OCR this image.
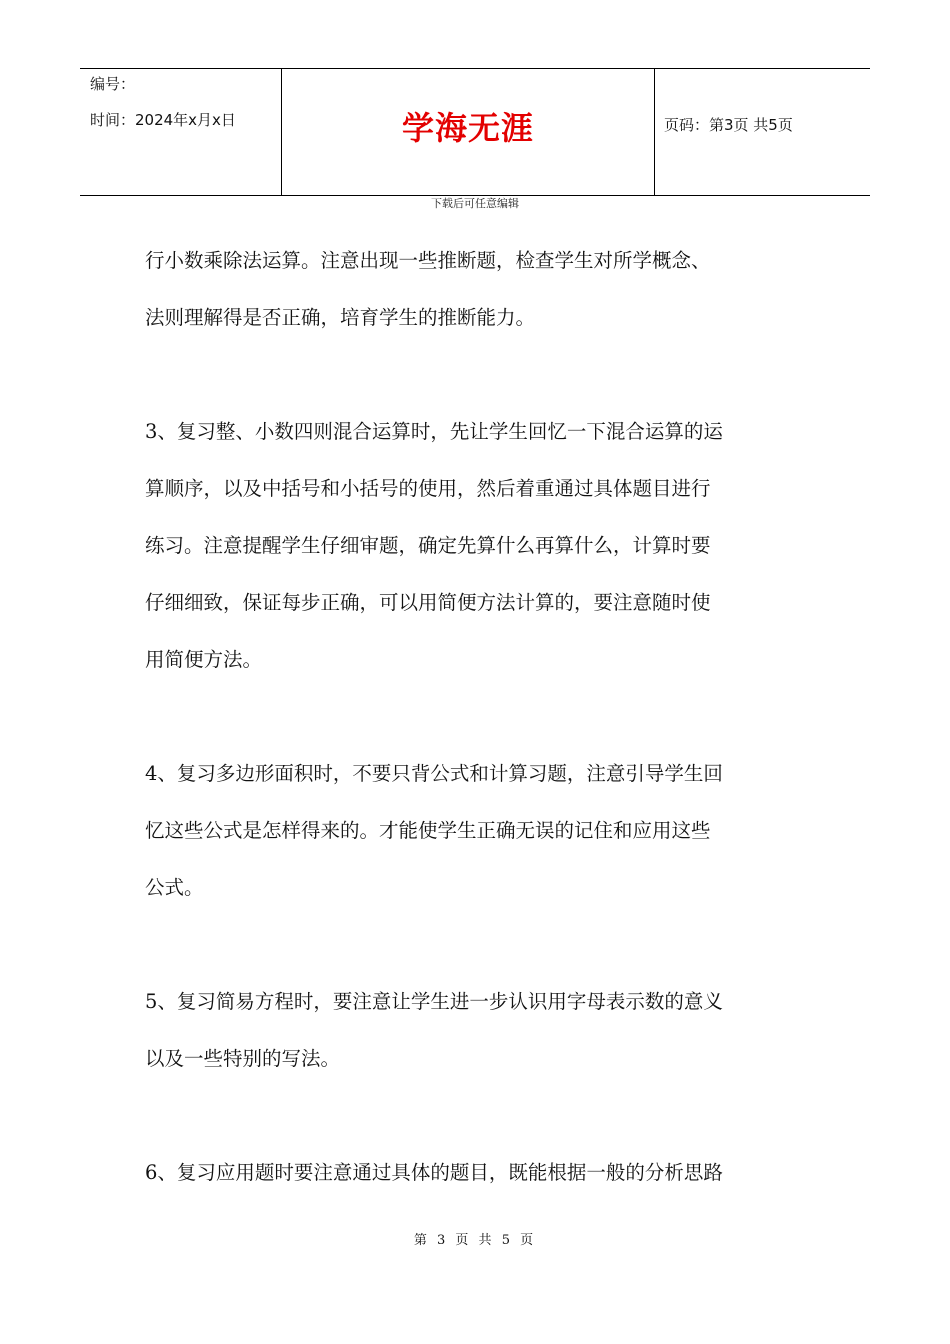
编号：
时间：2024年x月x日	学海无涯	页码：第3页 共5页
下载后可任意编辑
行小数乘除法运算。注意出现一些推断题，检查学生对所学概念、
法则理解得是否正确，培育学生的推断能力。
3、复习整、小数四则混合运算时，先让学生回忆一下混合运算的运
算顺序，以及中括号和小括号的使用，然后着重通过具体题目进行
练习。注意提醒学生仔细审题，确定先算什么再算什么，计算时要
仔细细致，保证每步正确，可以用简便方法计算的，要注意随时使
用简便方法。
4、复习多边形面积时，不要只背公式和计算习题，注意引导学生回
忆这些公式是怎样得来的。才能使学生正确无误的记住和应用这些
公式。
5、复习简易方程时，要注意让学生进一步认识用字母表示数的意义
以及一些特别的写法。
6、复习应用题时要注意通过具体的题目，既能根据一般的分析思路
第 3 页 共 5 页
